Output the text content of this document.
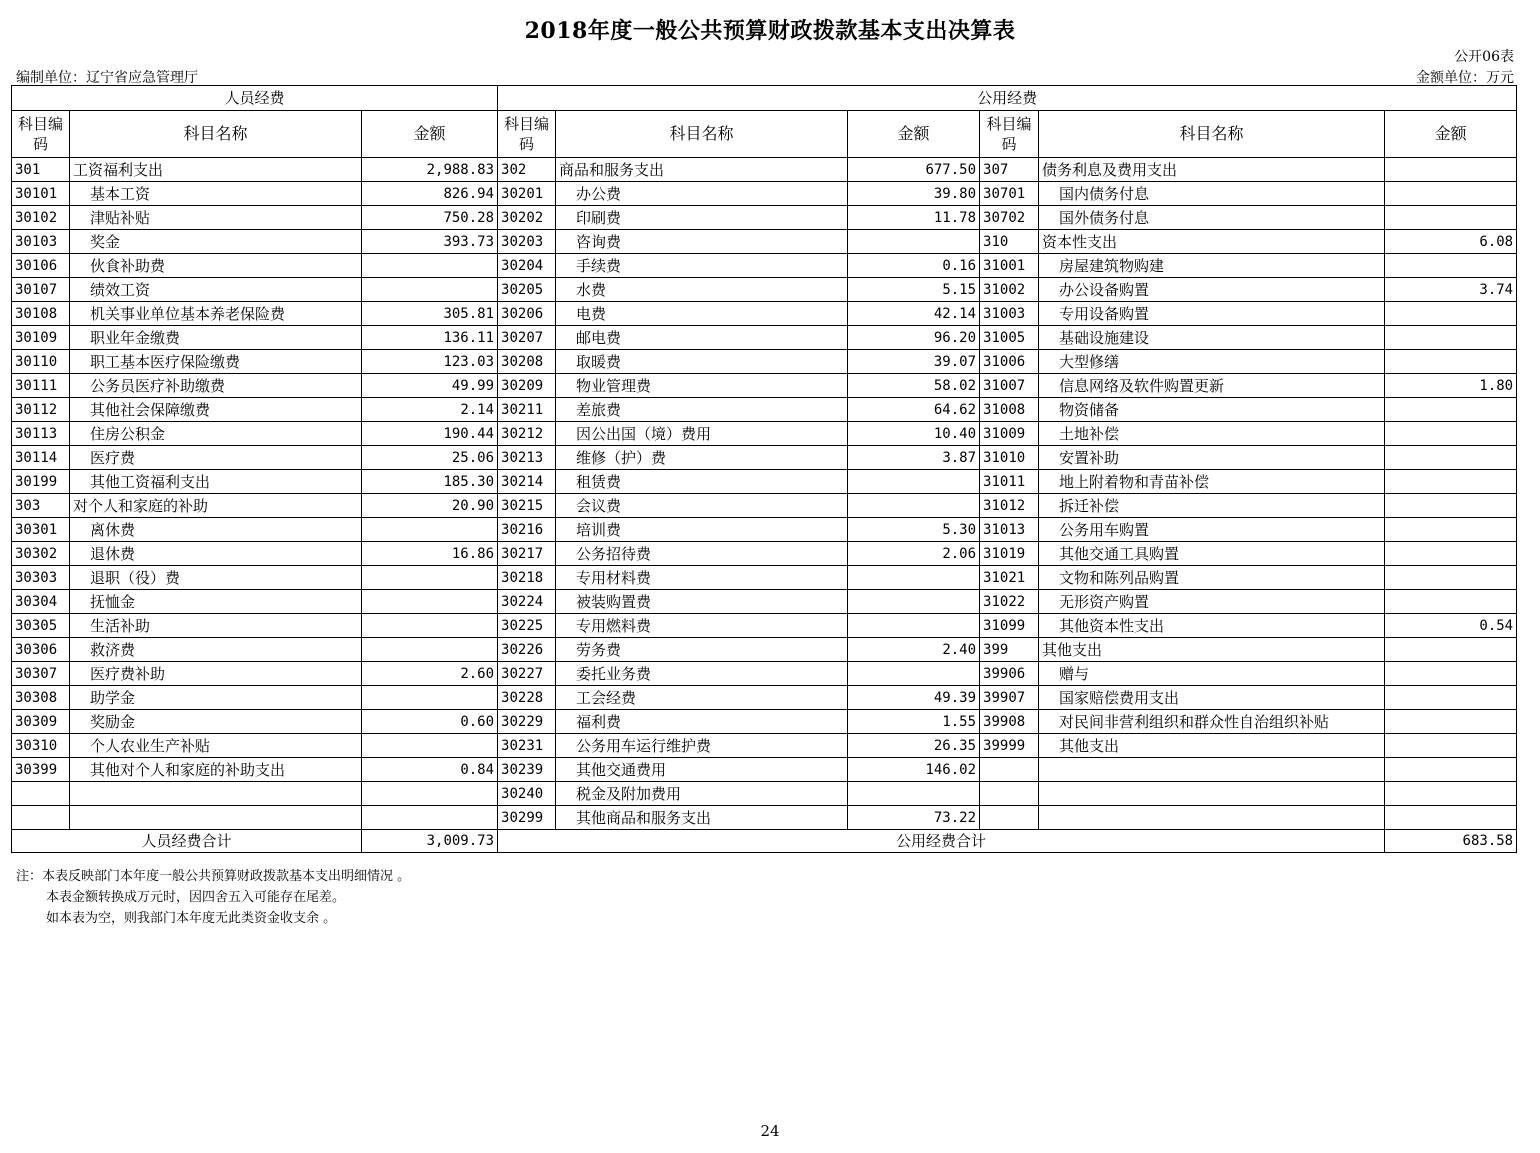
2018年度一般公共预算财政拨款基本支出决算表
公开06表
编制单位：辽宁省应急管理厅	金额单位：万元
人员经费			公用经费					
科目编码	科目名称	金额	科目编码	科目名称	金额	科目编码	科目名称	金额
301	工资福利支出	2,988.83	302	商品和服务支出	677.50	307	债务利息及费用支出	
30101	基本工资	826.94	30201	办公费	39.80	30701	国内债务付息	
30102	津贴补贴	750.28	30202	印刷费	11.78	30702	国外债务付息	
30103	奖金	393.73	30203	咨询费		310	资本性支出	6.08
30106	伙食补助费		30204	手续费	0.16	31001	房屋建筑物购建	
30107	绩效工资		30205	水费	5.15	31002	办公设备购置	3.74
30108	机关事业单位基本养老保险费	305.81	30206	电费	42.14	31003	专用设备购置	
30109	职业年金缴费	136.11	30207	邮电费	96.20	31005	基础设施建设	
30110	职工基本医疗保险缴费	123.03	30208	取暖费	39.07	31006	大型修缮	
30111	公务员医疗补助缴费	49.99	30209	物业管理费	58.02	31007	信息网络及软件购置更新	1.80
30112	其他社会保障缴费	2.14	30211	差旅费	64.62	31008	物资储备	
30113	住房公积金	190.44	30212	因公出国（境）费用	10.40	31009	土地补偿	
30114	医疗费	25.06	30213	维修（护）费	3.87	31010	安置补助	
30199	其他工资福利支出	185.30	30214	租赁费		31011	地上附着物和青苗补偿	
303	对个人和家庭的补助	20.90	30215	会议费		31012	拆迁补偿	
30301	离休费		30216	培训费	5.30	31013	公务用车购置	
30302	退休费	16.86	30217	公务招待费	2.06	31019	其他交通工具购置	
30303	退职（役）费		30218	专用材料费		31021	文物和陈列品购置	
30304	抚恤金		30224	被装购置费		31022	无形资产购置	
30305	生活补助		30225	专用燃料费		31099	其他资本性支出	0.54
30306	救济费		30226	劳务费	2.40	399	其他支出	
30307	医疗费补助	2.60	30227	委托业务费		39906	赠与	
30308	助学金		30228	工会经费	49.39	39907	国家赔偿费用支出	
30309	奖励金	0.60	30229	福利费	1.55	39908	对民间非营利组织和群众性自治组织补贴	
30310	个人农业生产补贴		30231	公务用车运行维护费	26.35	39999	其他支出	
30399	其他对个人和家庭的补助支出	0.84	30239	其他交通费用	146.02			
			30240	税金及附加费用				
			30299	其他商品和服务支出	73.22			
人员经费合计		3,009.73	公用经费合计					683.58
注：本表反映部门本年度一般公共预算财政拨款基本支出明细情况 。
本表金额转换成万元时，因四舍五入可能存在尾差。
如本表为空，则我部门本年度无此类资金收支余 。
24
